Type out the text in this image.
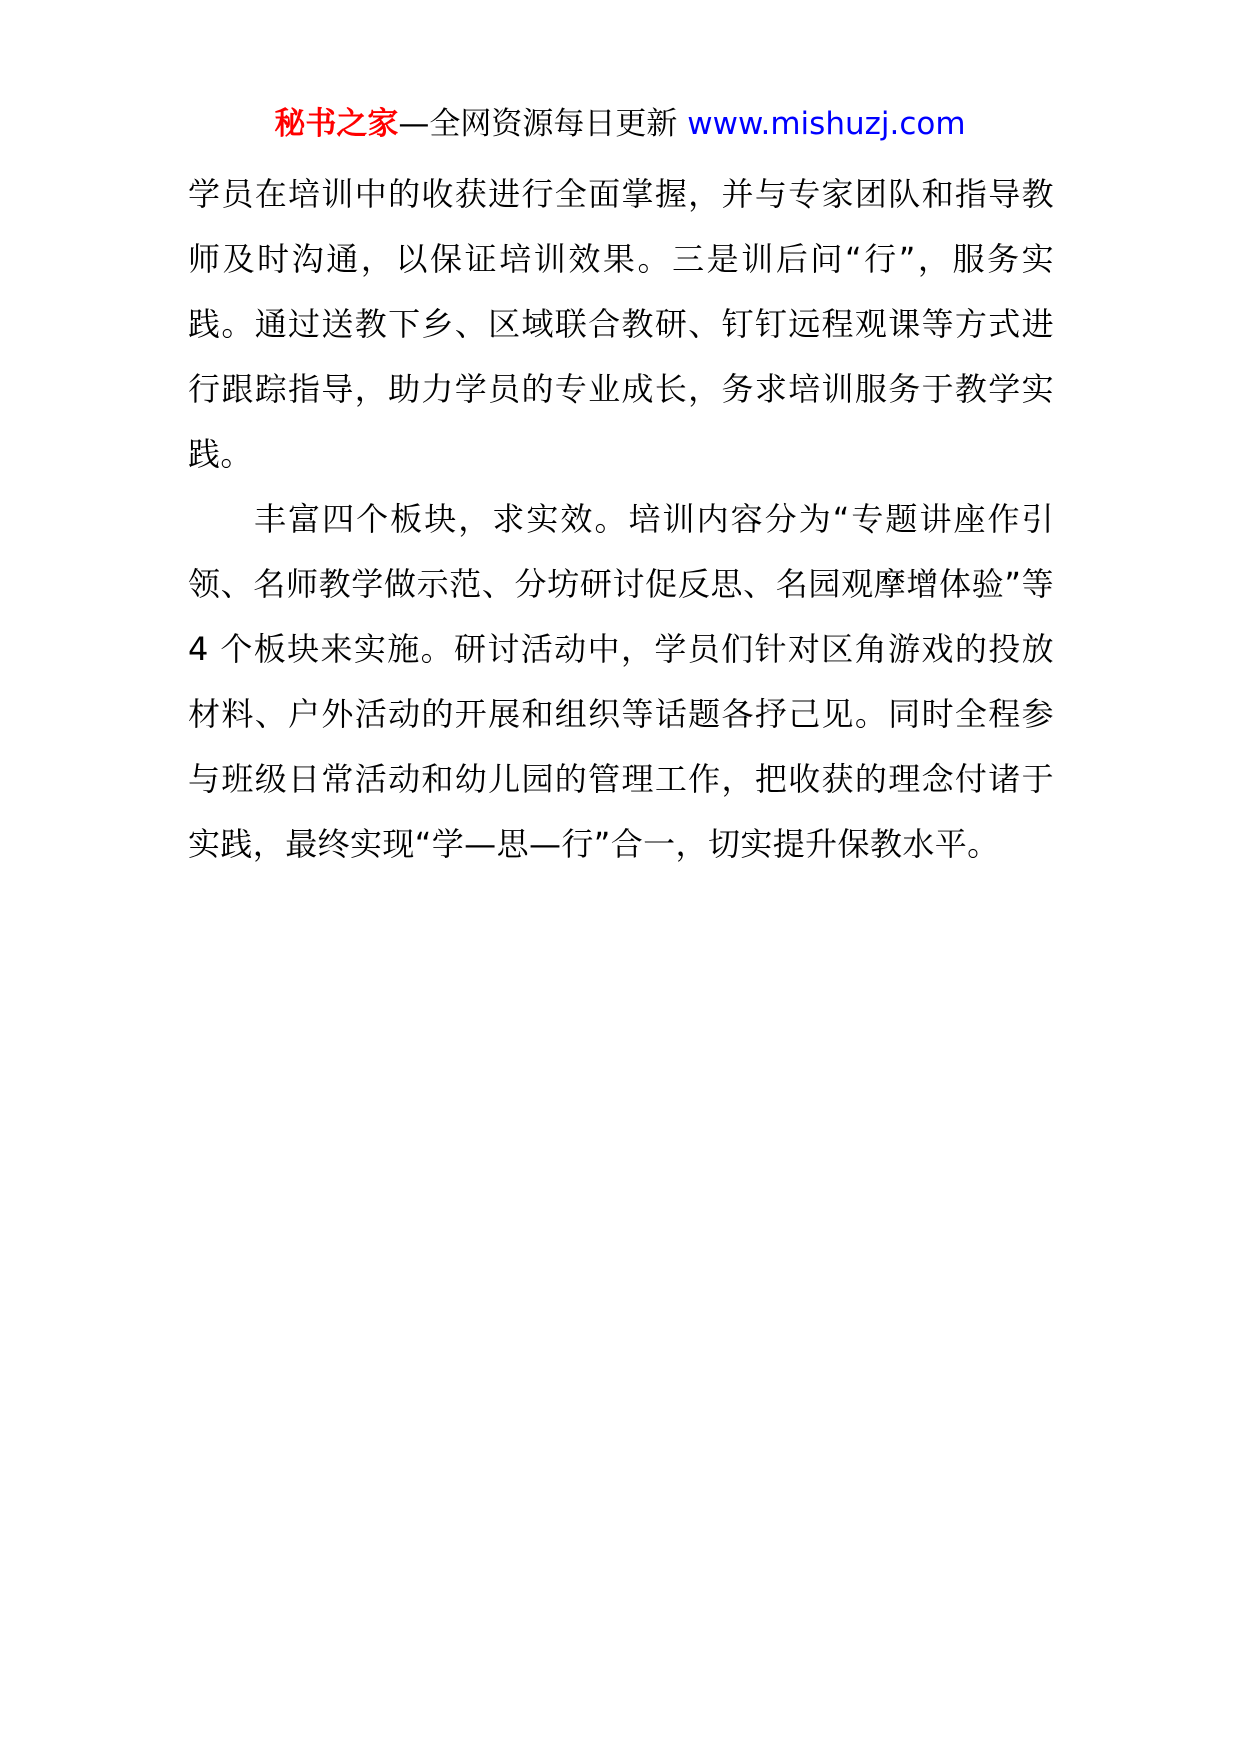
秘书之家—全网资源每日更新 www.mishuzj.com

学员在培训中的收获进行全面掌握，并与专家团队和指导教师及时沟通，以保证培训效果。三是训后问“行”，服务实践。通过送教下乡、区域联合教研、钉钉远程观课等方式进行跟踪指导，助力学员的专业成长，务求培训服务于教学实践。

丰富四个板块，求实效。培训内容分为“专题讲座作引领、名师教学做示范、分坊研讨促反思、名园观摩增体验”等 4 个板块来实施。研讨活动中，学员们针对区角游戏的投放材料、户外活动的开展和组织等话题各抒己见。同时全程参与班级日常活动和幼儿园的管理工作，把收获的理念付诸于实践，最终实现“学—思—行”合一，切实提升保教水平。
